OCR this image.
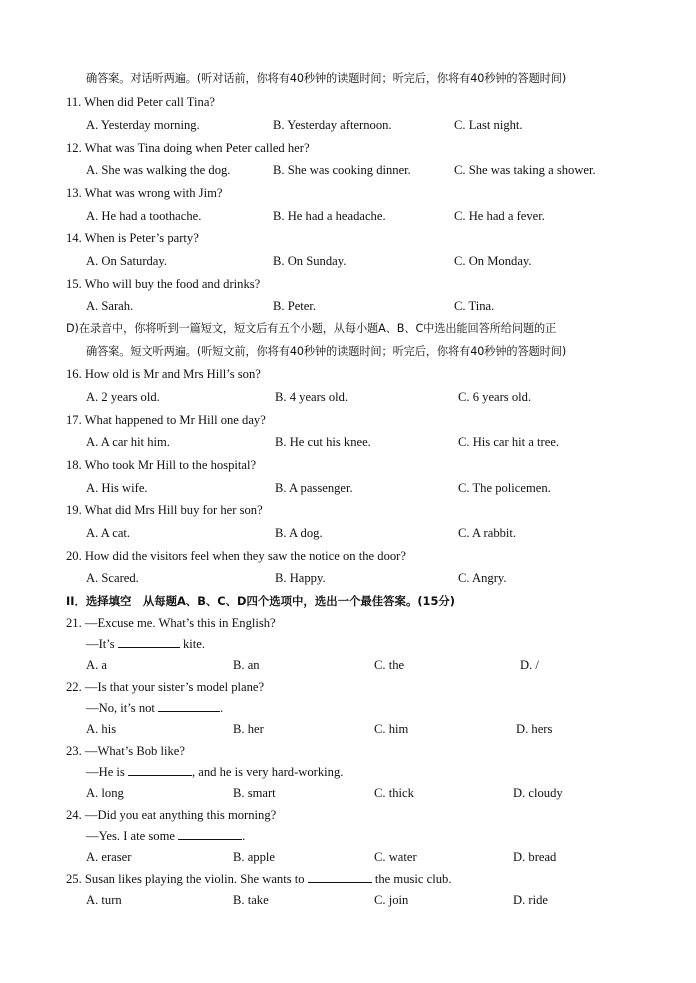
确答案。对话听两遍。(听对话前，你将有40秒钟的读题时间；听完后，你将有40秒钟的答题时间)
11. When did Peter call Tina?
A. Yesterday morning.	B. Yesterday afternoon.	C. Last night.
12. What was Tina doing when Peter called her?
A. She was walking the dog.	B. She was cooking dinner.	C. She was taking a shower.
13. What was wrong with Jim?
A. He had a toothache.	B. He had a headache.	C. He had a fever.
14. When is Peter’s party?
A. On Saturday.	B. On Sunday.	C. On Monday.
15. Who will buy the food and drinks?
A. Sarah.	B. Peter.	C. Tina.
D)在录音中，你将听到一篇短文，短文后有五个小题，从每小题A、B、C中选出能回答所给问题的正
确答案。短文听两遍。(听短文前，你将有40秒钟的读题时间；听完后，你将有40秒钟的答题时间)
16. How old is Mr and Mrs Hill’s son?
A. 2 years old.	B. 4 years old.	C. 6 years old.
17. What happened to Mr Hill one day?
A. A car hit him.	B. He cut his knee.	C. His car hit a tree.
18. Who took Mr Hill to the hospital?
A. His wife.	B. A passenger.	C. The policemen.
19. What did Mrs Hill buy for her son?
A. A cat.	B. A dog.	C. A rabbit.
20. How did the visitors feel when they saw the notice on the door?
A. Scared.	B. Happy.	C. Angry.
II．选择填空　从每题A、B、C、D四个选项中，选出一个最佳答案。(15分)
21. —Excuse me. What’s this in English?
—It’s	kite.
A. a	B. an	C. the	D. /
22. —Is that your sister’s model plane?
—No, it’s not	.
A. his	B. her	C. him	D. hers
23. —What’s Bob like?
—He is	, and he is very hard-working.
A. long	B. smart	C. thick	D. cloudy
24. —Did you eat anything this morning?
—Yes. I ate some	.
A. eraser	B. apple	C. water	D. bread
25. Susan likes playing the violin. She wants to	the music club.
A. turn	B. take	C. join	D. ride
